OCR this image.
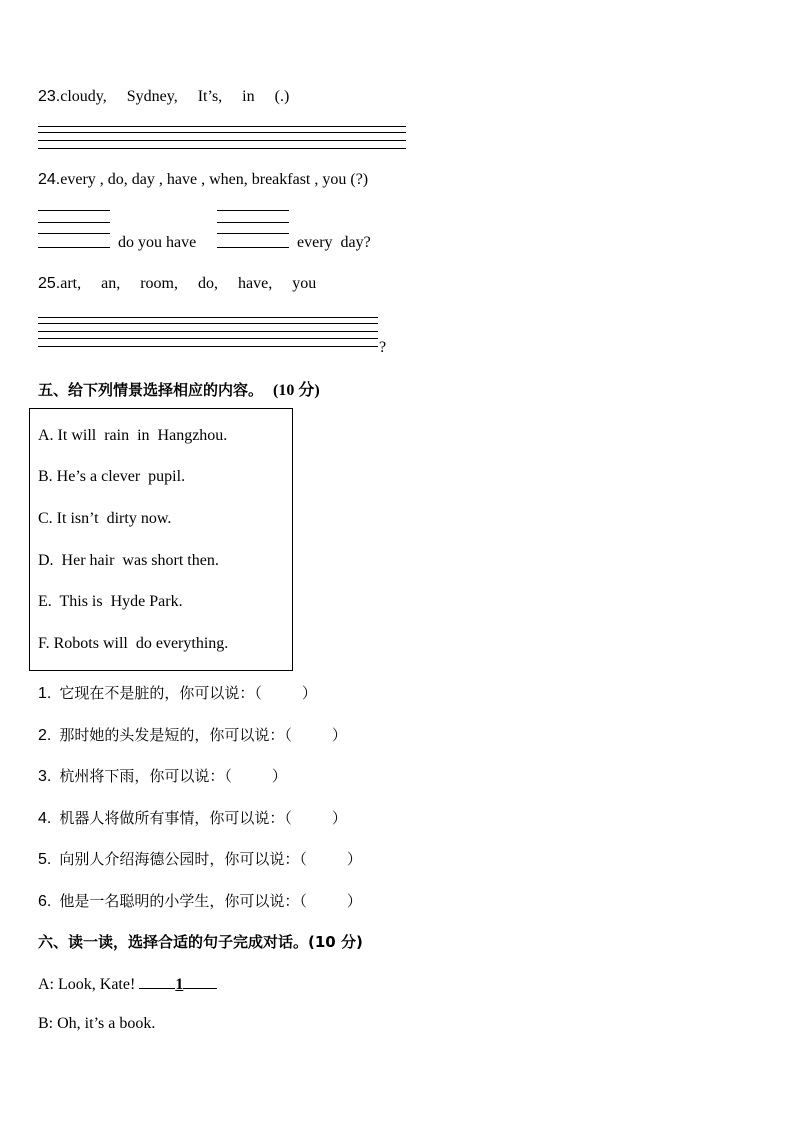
23.cloudy,     Sydney,     It’s,     in     (.)
24.every , do, day , have , when, breakfast , you (?)
do you have	every  day?
25.art,     an,     room,     do,     have,     you
?
五、给下列情景选择相应的内容。 (10 分)
A. It will  rain  in  Hangzhou.
B. He’s a clever  pupil.
C. It isn’t  dirty now.
D.  Her hair  was short then.
E.  This is  Hyde Park.
F. Robots will  do everything.
1. 它现在不是脏的，你可以说：（	）
2. 那时她的头发是短的，你可以说：（	）
3. 杭州将下雨，你可以说：（	）
4. 机器人将做所有事情，你可以说：（	）
5. 向别人介绍海德公园时，你可以说：（	）
6. 他是一名聪明的小学生，你可以说：（	）
六、读一读，选择合适的句子完成对话。(10 分)
A: Look, Kate!	1
B: Oh, it’s a book.
